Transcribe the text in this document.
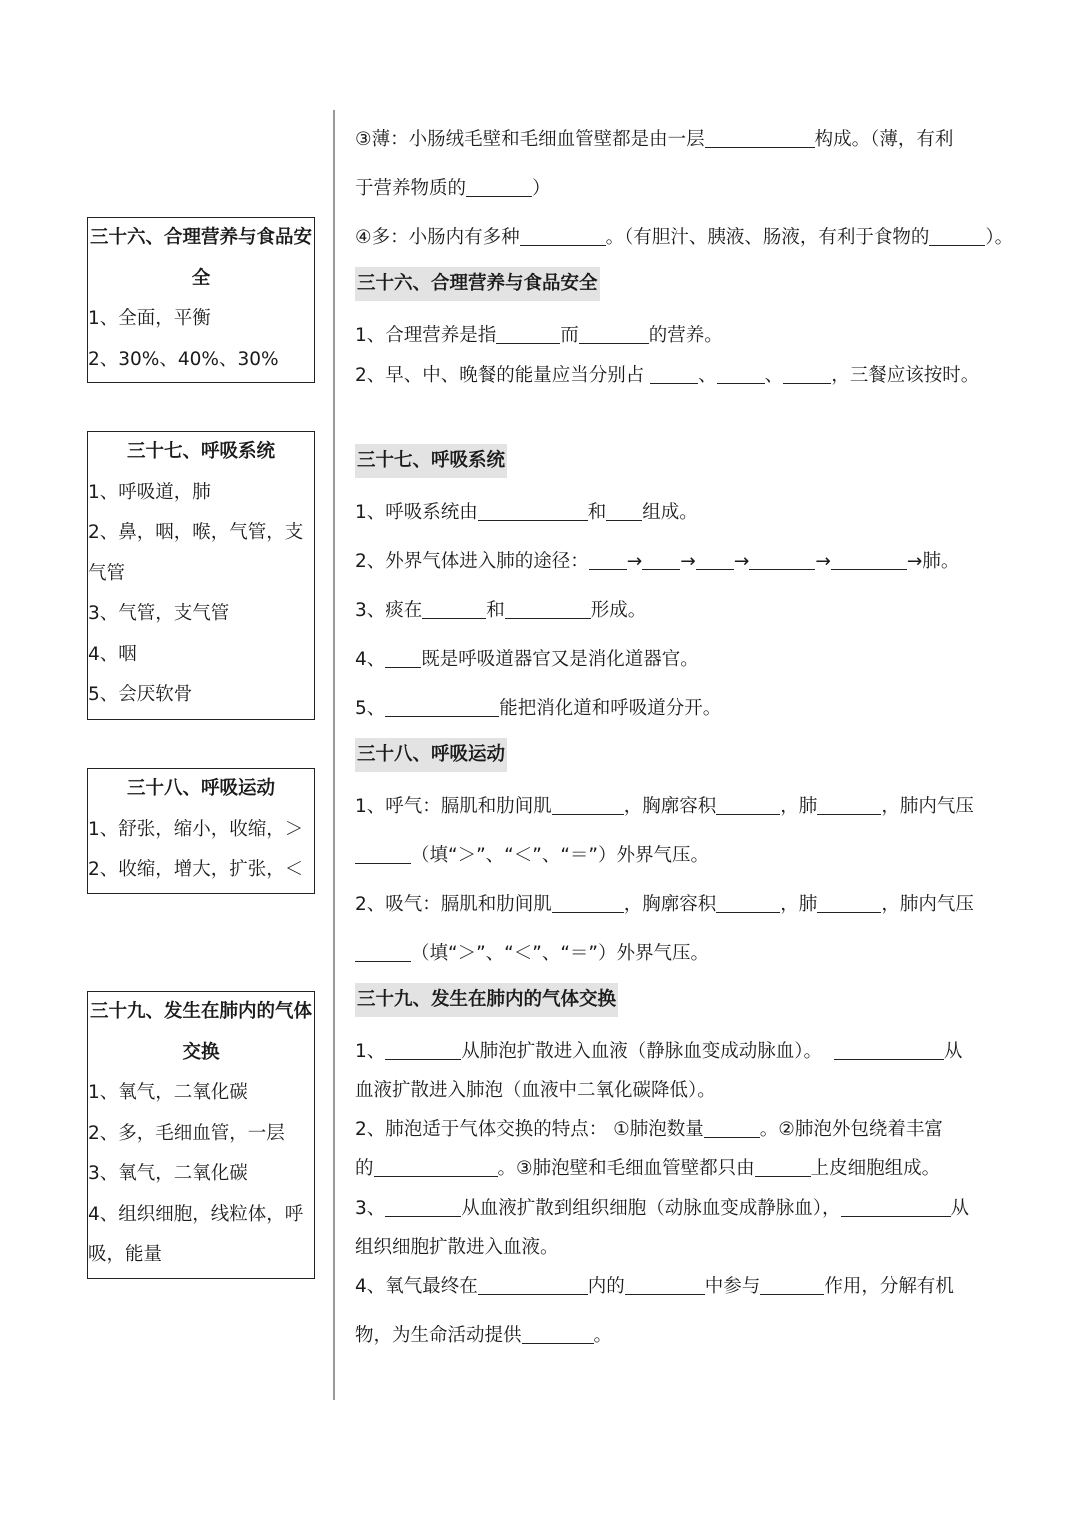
三十六、合理营养与食品安全
1、全面，平衡
2、30%、40%、30%
三十七、呼吸系统
1、呼吸道，肺
2、鼻，咽，喉，气管，支气管
3、气管，支气管
4、咽
5、会厌软骨
三十八、呼吸运动
1、舒张，缩小，收缩，＞
2、收缩，增大，扩张，＜
三十九、发生在肺内的气体交换
1、氧气，二氧化碳
2、多，毛细血管，一层
3、氧气，二氧化碳
4、组织细胞，线粒体，呼吸，能量
③薄：小肠绒毛壁和毛细血管壁都是由一层	构成。（薄，有利
于营养物质的	）
④多：小肠内有多种	。（有胆汁、胰液、肠液，有利于食物的	）。
三十六、合理营养与食品安全
1、合理营养是指	而	的营养。
2、早、中、晚餐的能量应当分别占	、	、	，三餐应该按时。
三十七、呼吸系统
1、呼吸系统由	和 组成。
2、外界气体进入肺的途径： → → →	→	→肺。
3、痰在	和	形成。
4、 既是呼吸道器官又是消化道器官。
5、	能把消化道和呼吸道分开。
三十八、呼吸运动
1、呼气：膈肌和肋间肌	，胸廓容积	，肺	，肺内气压
（填“＞”、“＜”、“＝”）外界气压。
2、吸气：膈肌和肋间肌	，胸廓容积	，肺	，肺内气压
（填“＞”、“＜”、“＝”）外界气压。
三十九、发生在肺内的气体交换
1、	从肺泡扩散进入血液（静脉血变成动脉血）。	从
血液扩散进入肺泡（血液中二氧化碳降低）。
2、肺泡适于气体交换的特点： ①肺泡数量	。②肺泡外包绕着丰富
的	。③肺泡壁和毛细血管壁都只由	上皮细胞组成。
3、	从血液扩散到组织细胞（动脉血变成静脉血），	从
组织细胞扩散进入血液。
4、氧气最终在	内的	中参与	作用，分解有机
物，为生命活动提供	。
